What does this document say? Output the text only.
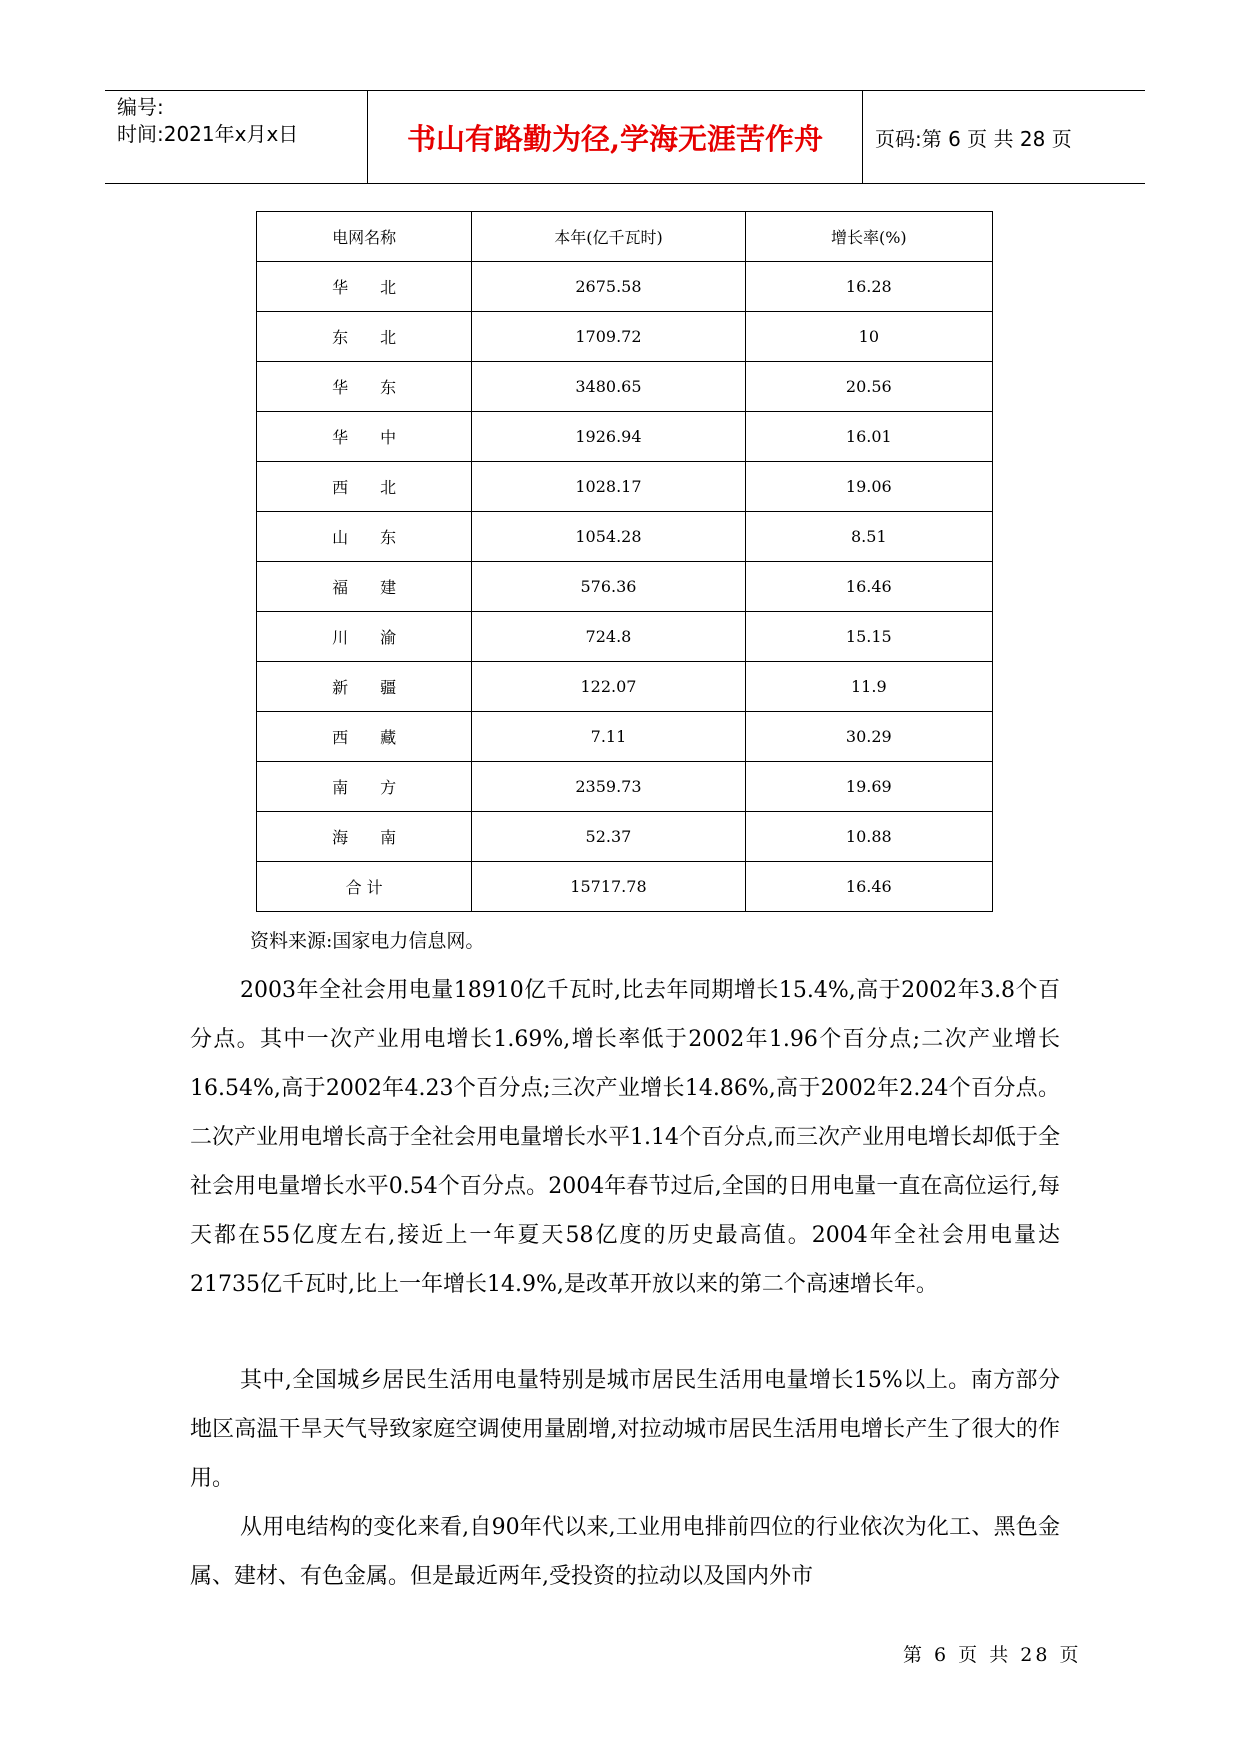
编号:
时间:2021年x月x日	书山有路勤为径,学海无涯苦作舟	页码:第 6 页 共 28 页
电网名称	本年(亿千瓦时)	增长率(%)
华　　北	2675.58	16.28
东　　北	1709.72	10
华　　东	3480.65	20.56
华　　中	1926.94	16.01
西　　北	1028.17	19.06
山　　东	1054.28	8.51
福　　建	576.36	16.46
川　　渝	724.8	15.15
新　　疆	122.07	11.9
西　　藏	7.11	30.29
南　　方	2359.73	19.69
海　　南	52.37	10.88
合 计	15717.78	16.46
资料来源:国家电力信息网。

2003年全社会用电量18910亿千瓦时,比去年同期增长15.4%,高于2002年3.8个百分点。其中一次产业用电增长1.69%,增长率低于2002年1.96个百分点;二次产业增长16.54%,高于2002年4.23个百分点;三次产业增长14.86%,高于2002年2.24个百分点。二次产业用电增长高于全社会用电量增长水平1.14个百分点,而三次产业用电增长却低于全社会用电量增长水平0.54个百分点。2004年春节过后,全国的日用电量一直在高位运行,每天都在55亿度左右,接近上一年夏天58亿度的历史最高值。2004年全社会用电量达21735亿千瓦时,比上一年增长14.9%,是改革开放以来的第二个高速增长年。

其中,全国城乡居民生活用电量特别是城市居民生活用电量增长15%以上。南方部分地区高温干旱天气导致家庭空调使用量剧增,对拉动城市居民生活用电增长产生了很大的作用。

从用电结构的变化来看,自90年代以来,工业用电排前四位的行业依次为化工、黑色金属、建材、有色金属。但是最近两年,受投资的拉动以及国内外市

第 6 页 共 28 页
